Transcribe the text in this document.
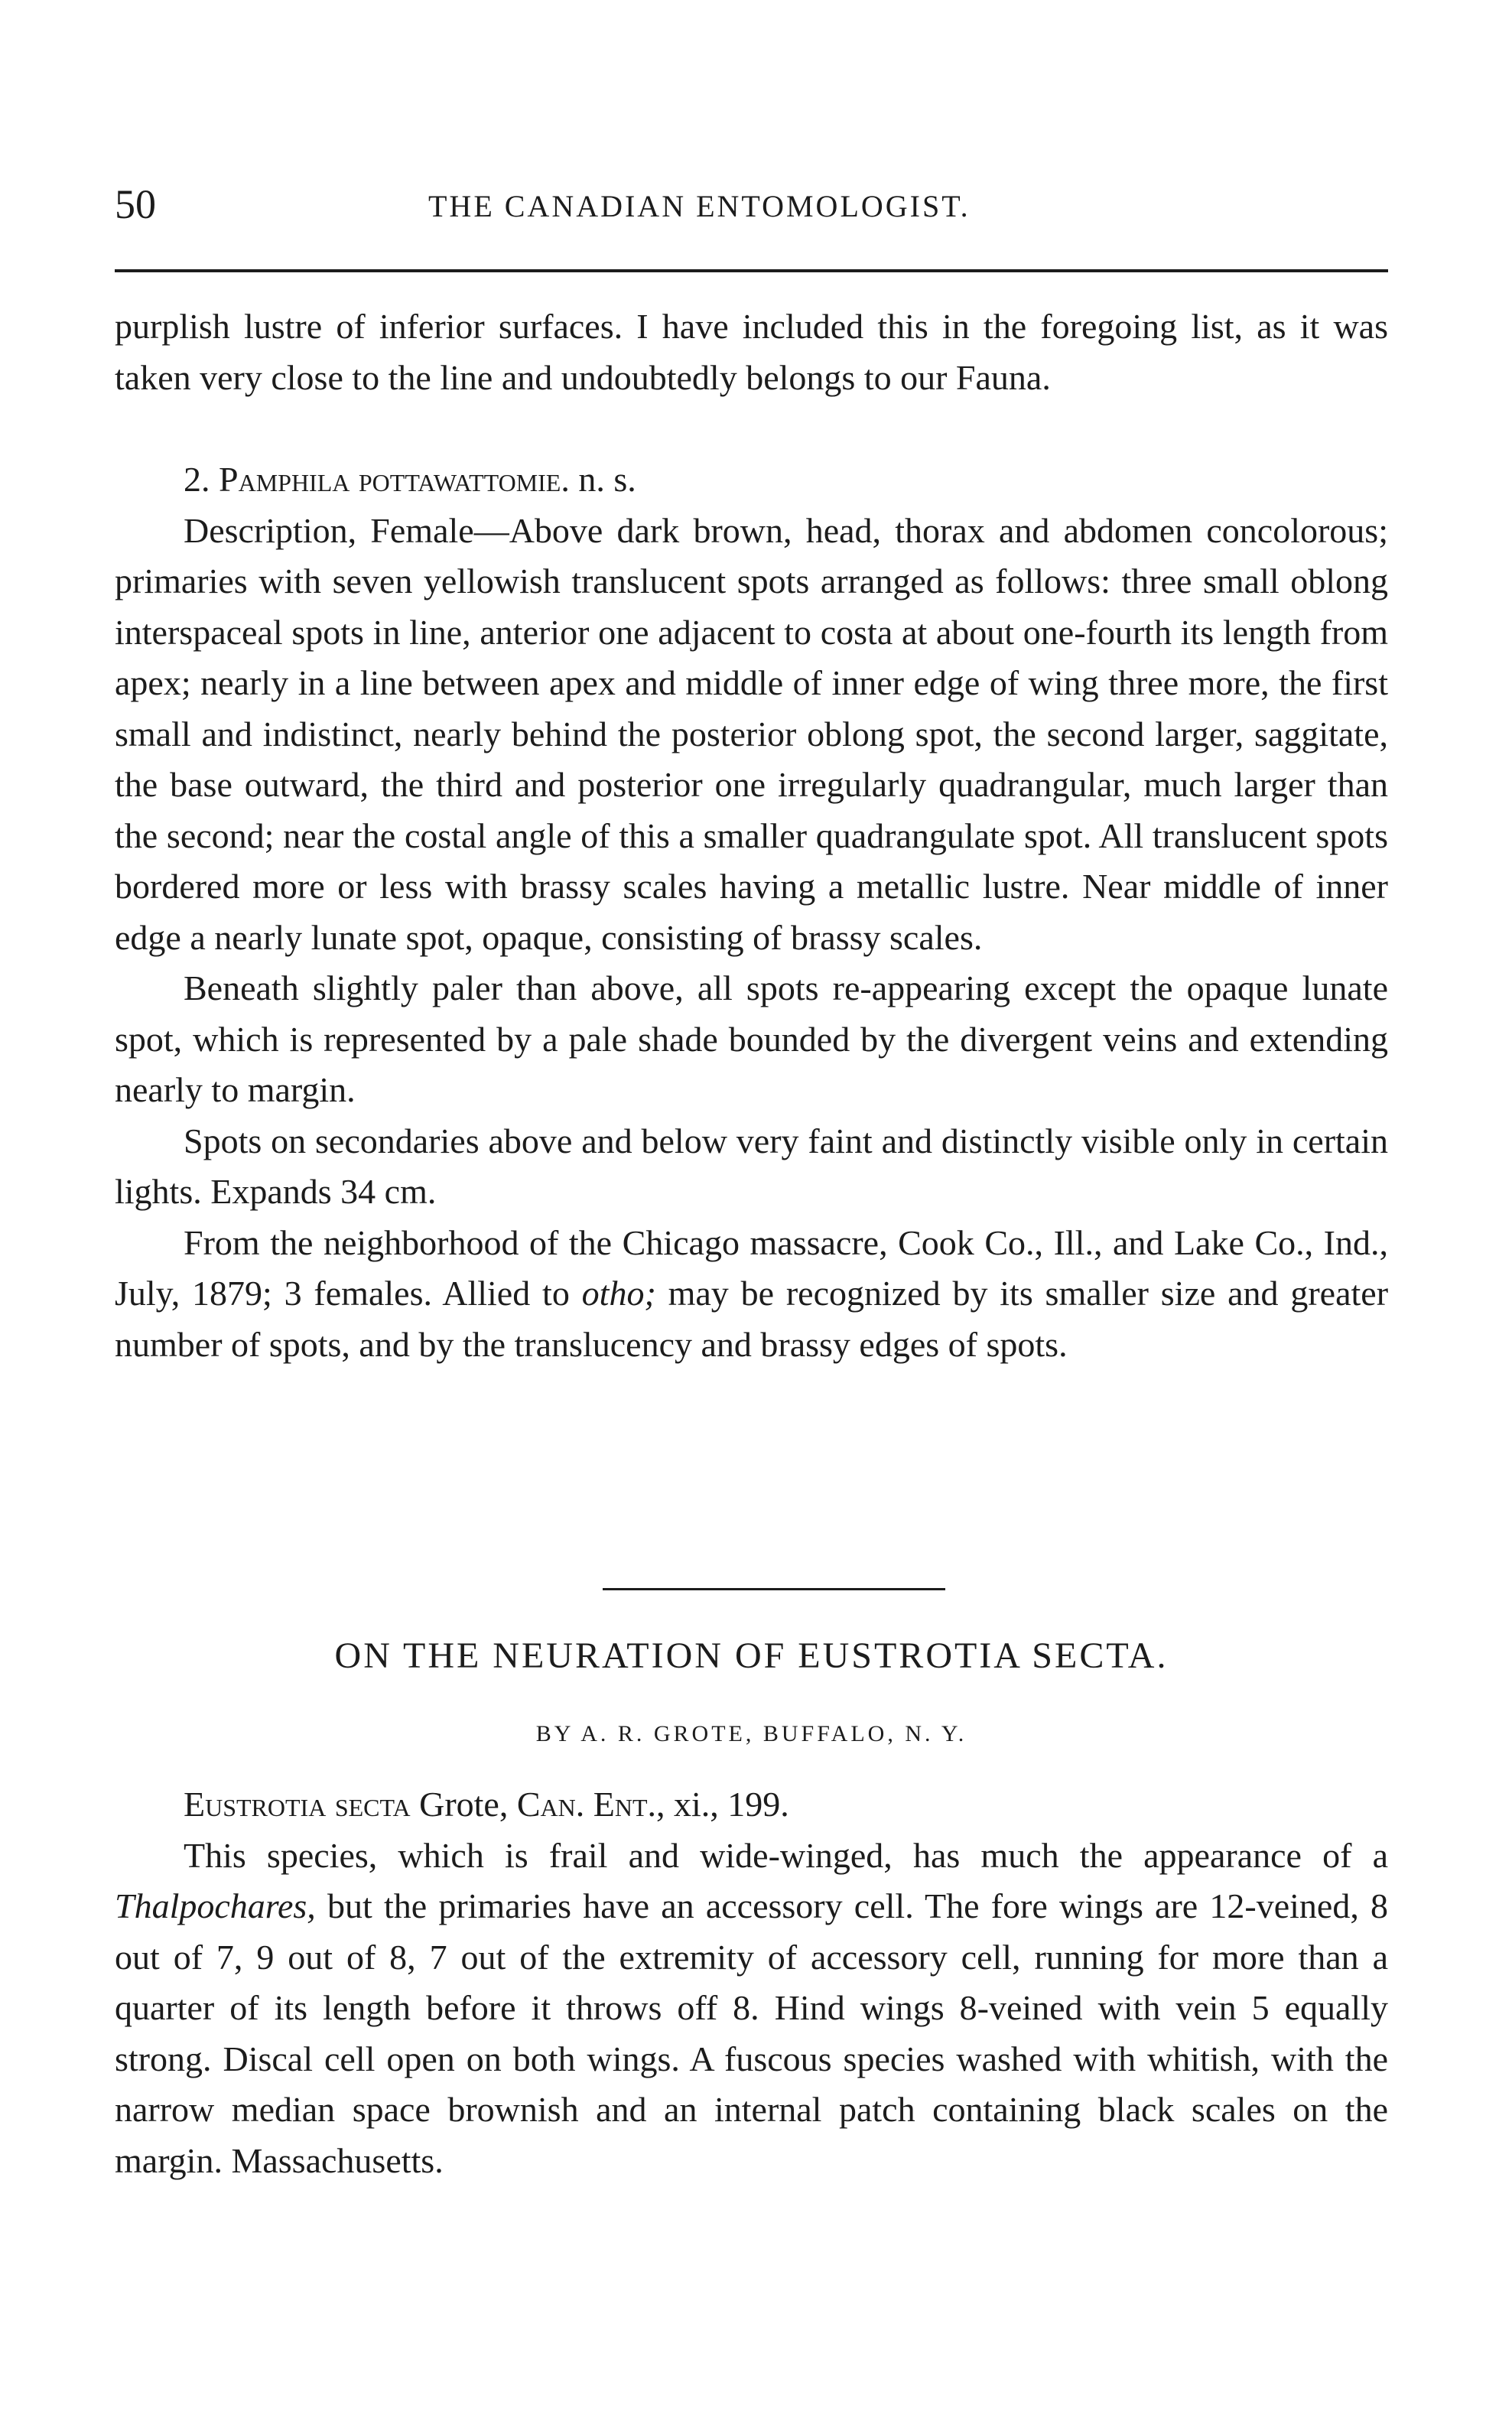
50	THE CANADIAN ENTOMOLOGIST.

purplish lustre of inferior surfaces. I have included this in the foregoing list, as it was taken very close to the line and undoubtedly belongs to our Fauna.

2. Pamphila pottawattomie. n. s.

Description, Female—Above dark brown, head, thorax and abdomen concolorous; primaries with seven yellowish translucent spots arranged as follows: three small oblong interspaceal spots in line, anterior one adjacent to costa at about one-fourth its length from apex; nearly in a line between apex and middle of inner edge of wing three more, the first small and indistinct, nearly behind the posterior oblong spot, the second larger, saggitate, the base outward, the third and posterior one irregularly quadrangular, much larger than the second; near the costal angle of this a smaller quadrangulate spot. All translucent spots bordered more or less with brassy scales having a metallic lustre. Near middle of inner edge a nearly lunate spot, opaque, consisting of brassy scales.

Beneath slightly paler than above, all spots re-appearing except the opaque lunate spot, which is represented by a pale shade bounded by the divergent veins and extending nearly to margin.

Spots on secondaries above and below very faint and distinctly visible only in certain lights. Expands 34 cm.

From the neighborhood of the Chicago massacre, Cook Co., Ill., and Lake Co., Ind., July, 1879; 3 females. Allied to otho; may be recognized by its smaller size and greater number of spots, and by the translucency and brassy edges of spots.

ON THE NEURATION OF EUSTROTIA SECTA.
BY A. R. GROTE, BUFFALO, N. Y.

Eustrotia secta Grote, Can. Ent., xi., 199.

This species, which is frail and wide-winged, has much the appearance of a Thalpochares, but the primaries have an accessory cell. The fore wings are 12-veined, 8 out of 7, 9 out of 8, 7 out of the extremity of accessory cell, running for more than a quarter of its length before it throws off 8. Hind wings 8-veined with vein 5 equally strong. Discal cell open on both wings. A fuscous species washed with whitish, with the narrow median space brownish and an internal patch containing black scales on the margin. Massachusetts.
